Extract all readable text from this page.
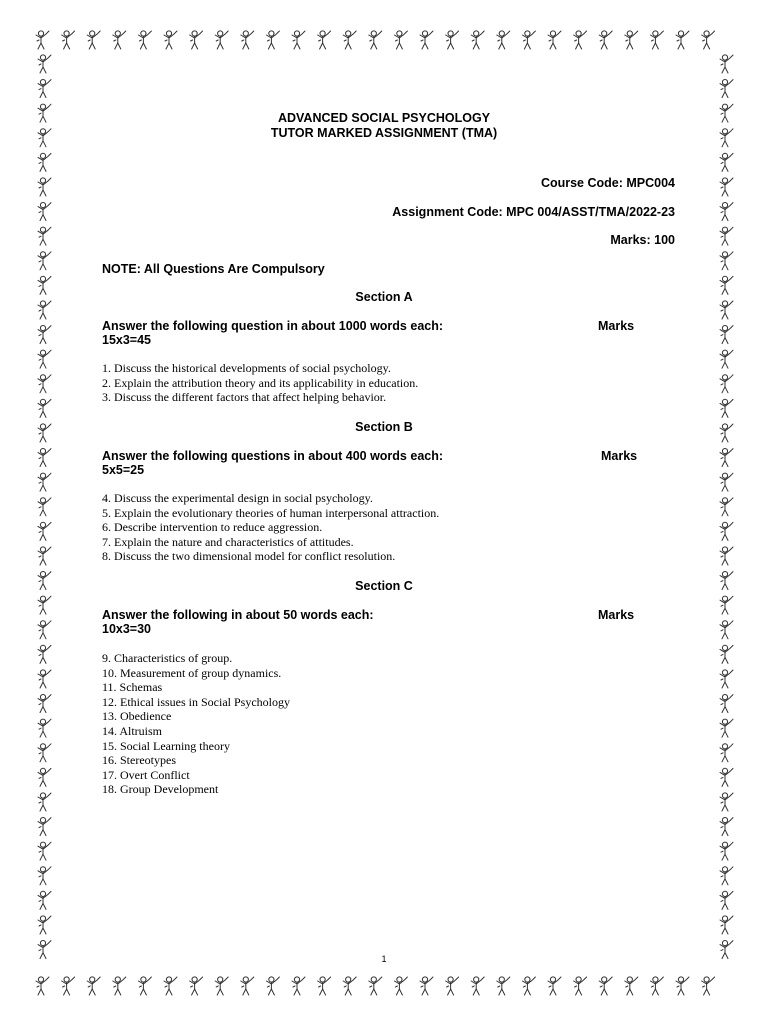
ADVANCED SOCIAL PSYCHOLOGY
TUTOR MARKED ASSIGNMENT (TMA)
Course Code: MPC004
Assignment Code: MPC 004/ASST/TMA/2022-23
Marks: 100
NOTE: All Questions Are Compulsory
Section A
Answer the following question in about 1000 words each:	Marks
15x3=45
1. Discuss the historical developments of social psychology.
2. Explain the attribution theory and its applicability in education.
3. Discuss the different factors that affect helping behavior.
Section B
Answer the following questions in about 400 words each:	Marks
5x5=25
4. Discuss the experimental design in social psychology.
5. Explain the evolutionary theories of human interpersonal attraction.
6. Describe intervention to reduce aggression.
7. Explain the nature and characteristics of attitudes.
8. Discuss the two dimensional model for conflict resolution.
Section C
Answer the following in about 50 words each:	Marks
10x3=30
9. Characteristics of group.
10. Measurement of group dynamics.
11. Schemas
12. Ethical issues in Social Psychology
13. Obedience
14. Altruism
15. Social Learning theory
16. Stereotypes
17. Overt Conflict
18. Group Development
1
